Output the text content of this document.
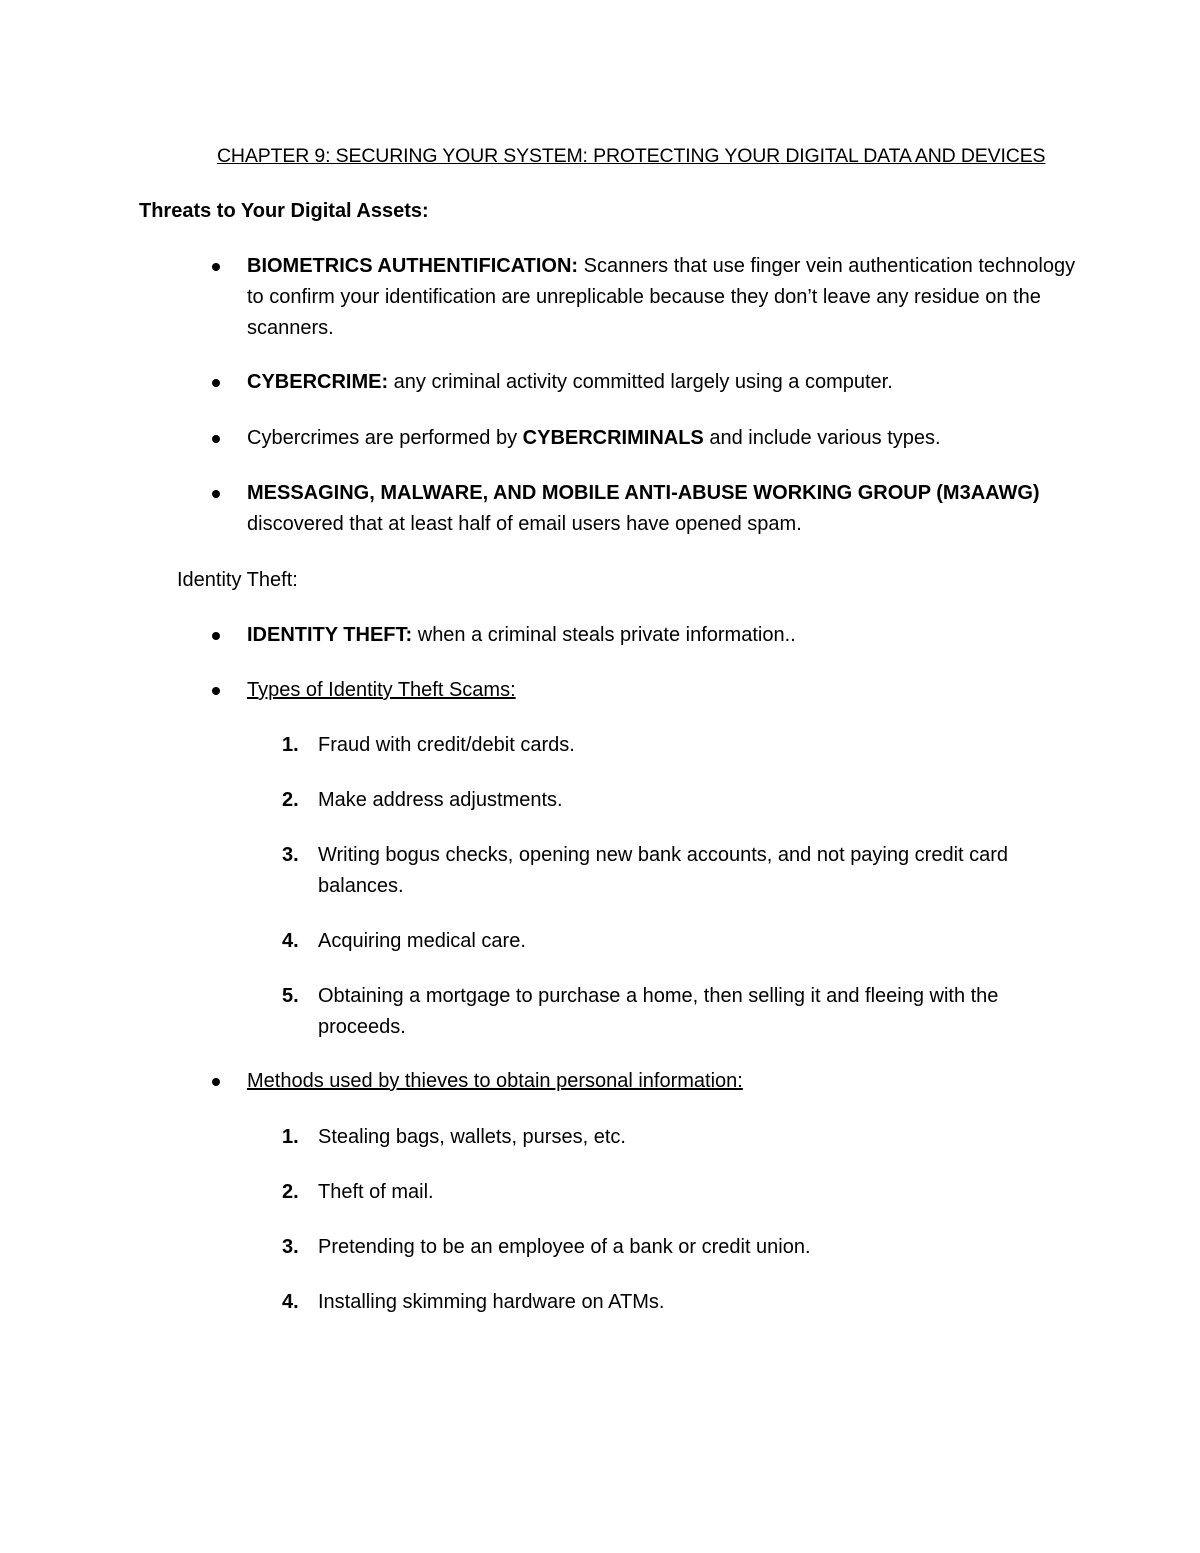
CHAPTER 9: SECURING YOUR SYSTEM: PROTECTING YOUR DIGITAL DATA AND DEVICES
Threats to Your Digital Assets:
BIOMETRICS AUTHENTIFICATION: Scanners that use finger vein authentication technology to confirm your identification are unreplicable because they don’t leave any residue on the scanners.
CYBERCRIME: any criminal activity committed largely using a computer.
Cybercrimes are performed by CYBERCRIMINALS and include various types.
MESSAGING, MALWARE, AND MOBILE ANTI-ABUSE WORKING GROUP (M3AAWG) discovered that at least half of email users have opened spam.
Identity Theft:
IDENTITY THEFT: when a criminal steals private information..
Types of Identity Theft Scams:
1. Fraud with credit/debit cards.
2. Make address adjustments.
3. Writing bogus checks, opening new bank accounts, and not paying credit card balances.
4. Acquiring medical care.
5. Obtaining a mortgage to purchase a home, then selling it and fleeing with the proceeds.
Methods used by thieves to obtain personal information:
1. Stealing bags, wallets, purses, etc.
2. Theft of mail.
3. Pretending to be an employee of a bank or credit union.
4. Installing skimming hardware on ATMs.
